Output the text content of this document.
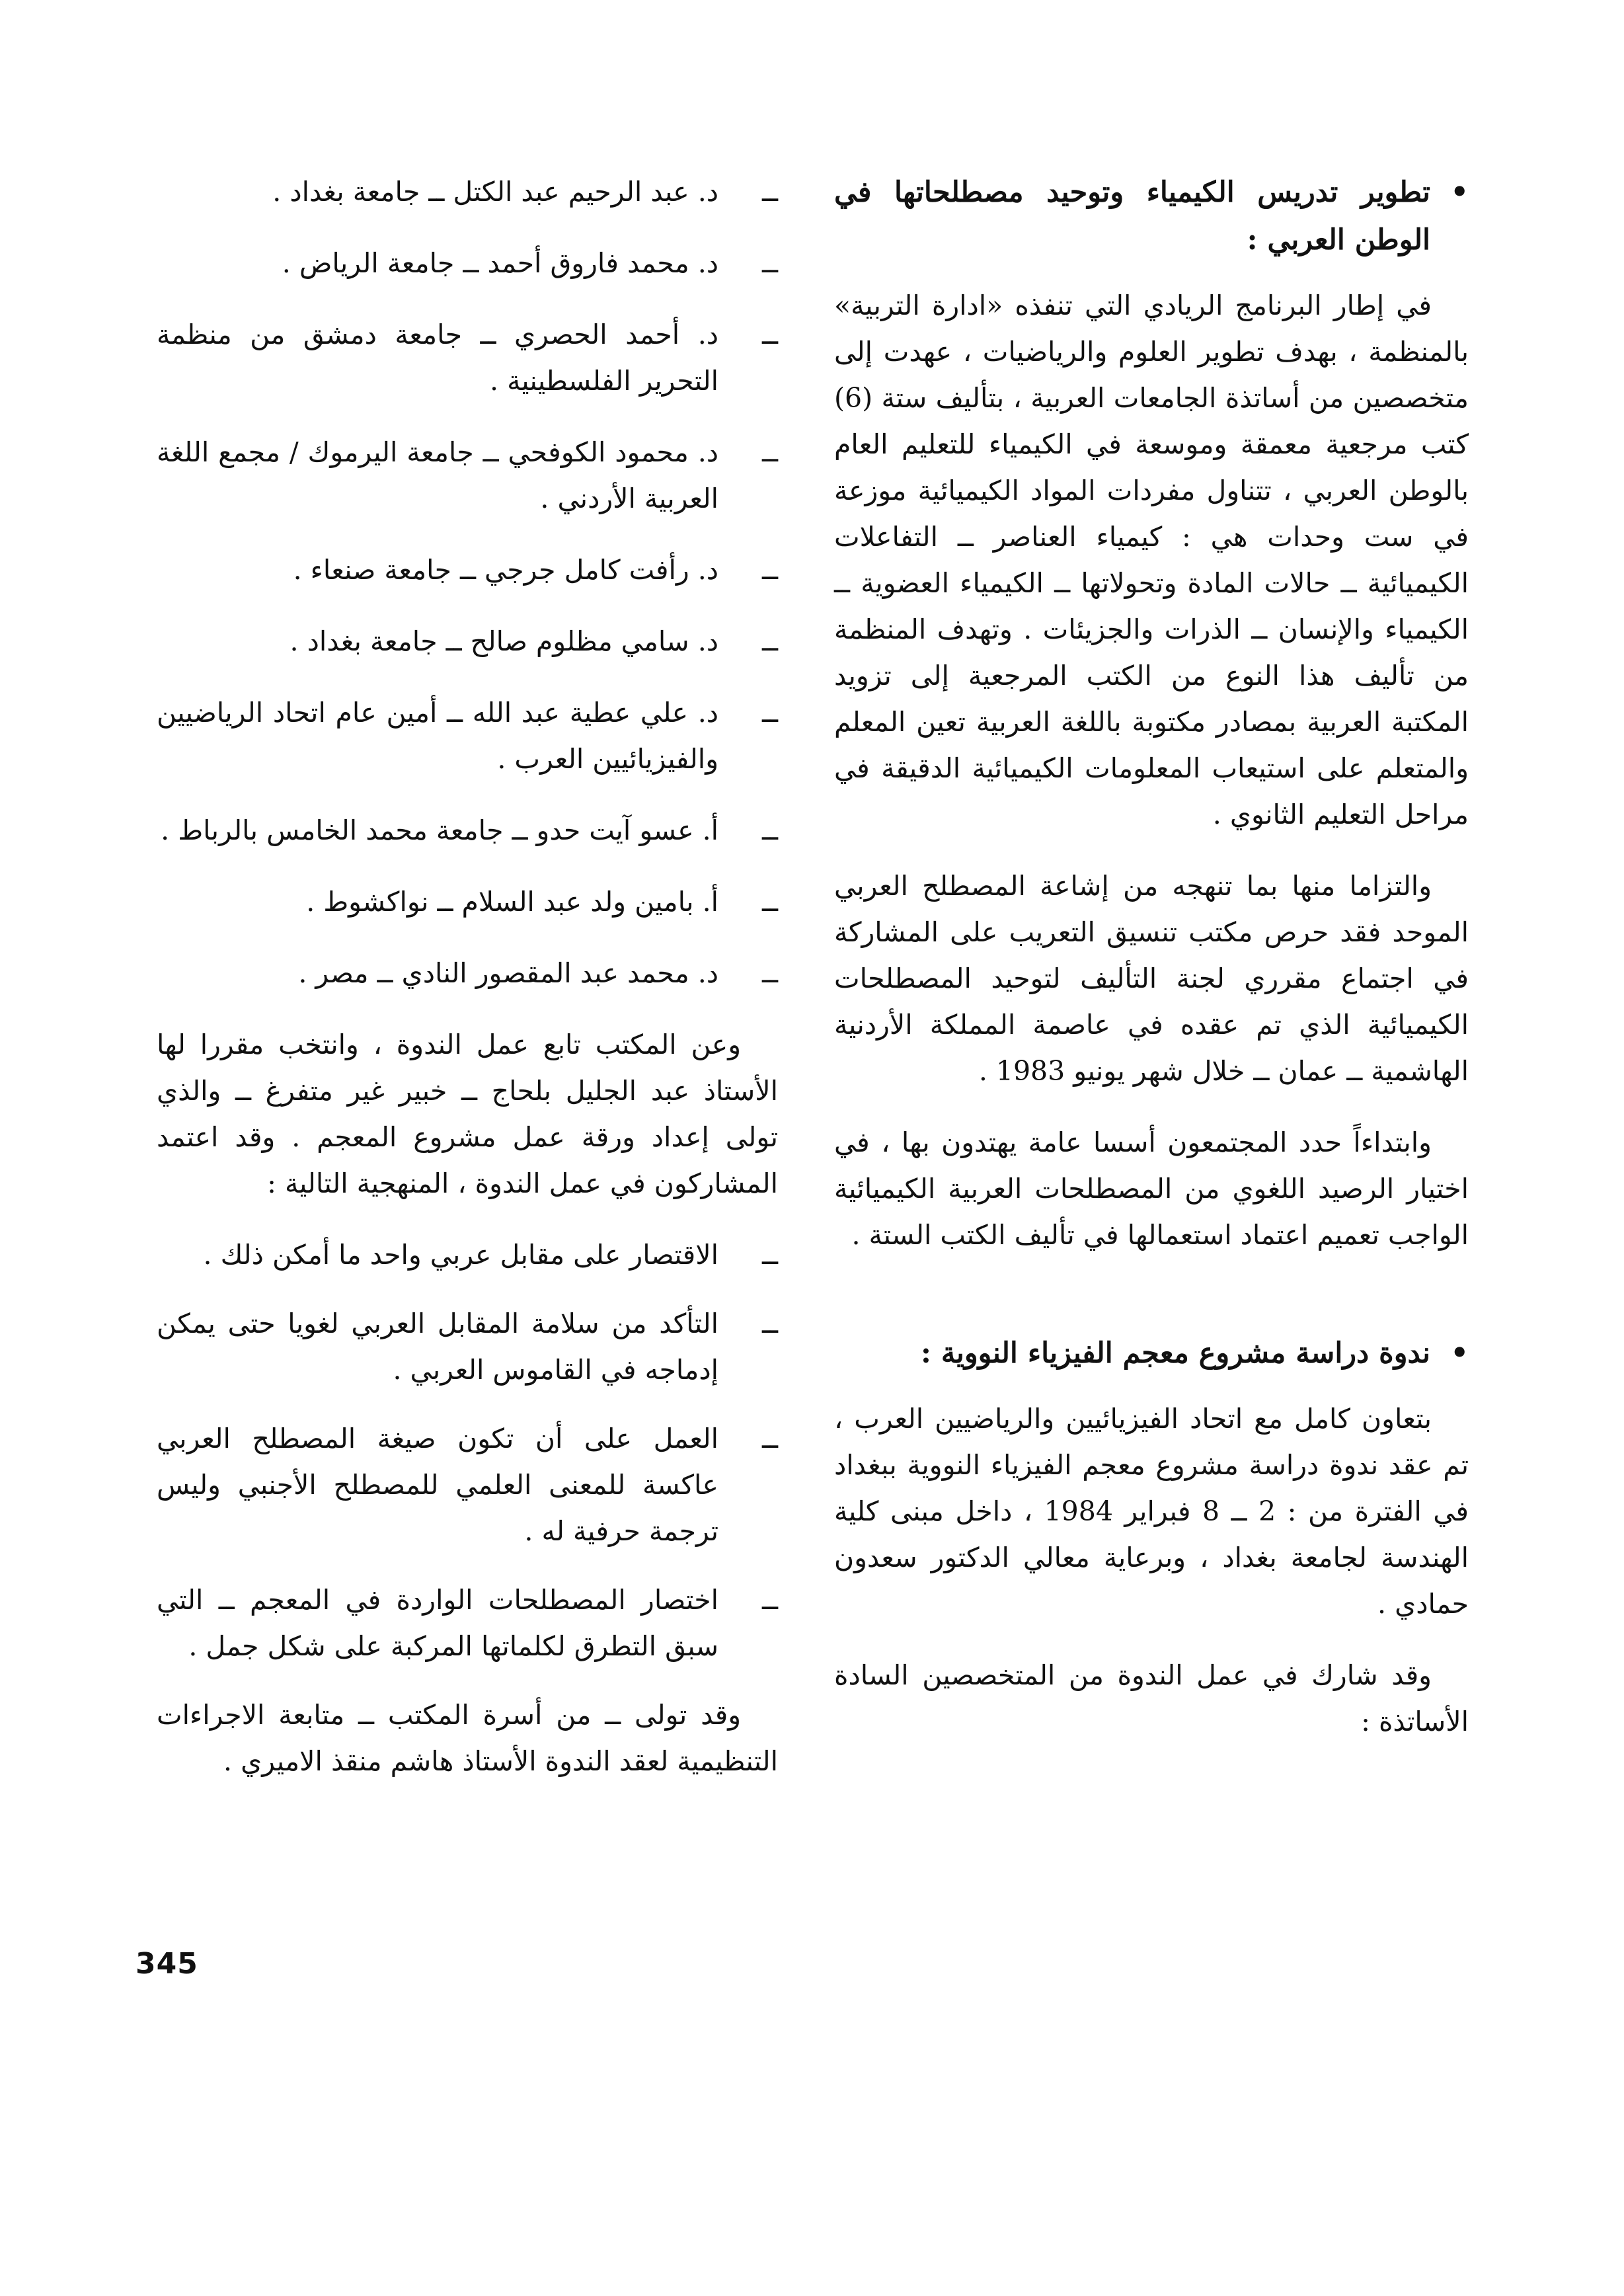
•
تطوير تدريس الكيمياء وتوحيد مصطلحاتها في الوطن العربي :

في إطار البرنامج الريادي التي تنفذه «ادارة التربية» بالمنظمة ، بهدف تطوير العلوم والرياضيات ، عهدت إلى متخصصين من أساتذة الجامعات العربية ، بتأليف ستة (6) كتب مرجعية معمقة وموسعة في الكيمياء للتعليم العام بالوطن العربي ، تتناول مفردات المواد الكيميائية موزعة في ست وحدات هي : كيمياء العناصر ــ التفاعلات الكيميائية ــ حالات المادة وتحولاتها ــ الكيمياء العضوية ــ الكيمياء والإنسان ــ الذرات والجزيئات . وتهدف المنظمة من تأليف هذا النوع من الكتب المرجعية إلى تزويد المكتبة العربية بمصادر مكتوبة باللغة العربية تعين المعلم والمتعلم على استيعاب المعلومات الكيميائية الدقيقة في مراحل التعليم الثانوي .

والتزاما منها بما تنهجه من إشاعة المصطلح العربي الموحد فقد حرص مكتب تنسيق التعريب على المشاركة في اجتماع مقرري لجنة التأليف لتوحيد المصطلحات الكيميائية الذي تم عقده في عاصمة المملكة الأردنية الهاشمية ــ عمان ــ خلال شهر يونيو 1983 .

وابتداءاً حدد المجتمعون أسسا عامة يهتدون بها ، في اختيار الرصيد اللغوي من المصطلحات العربية الكيميائية الواجب تعميم اعتماد استعمالها في تأليف الكتب الستة .

•
ندوة دراسة مشروع معجم الفيزياء النووية :

بتعاون كامل مع اتحاد الفيزيائيين والرياضيين العرب ، تم عقد ندوة دراسة مشروع معجم الفيزياء النووية ببغداد في الفترة من : 2 ــ 8 فبراير 1984 ، داخل مبنى كلية الهندسة لجامعة بغداد ، وبرعاية معالي الدكتور سعدون حمادي .

وقد شارك في عمل الندوة من المتخصصين السادة الأساتذة :

ــ
د. عبد الرحيم عبد الكتل ــ جامعة بغداد .
ــ
د. محمد فاروق أحمد ــ جامعة الرياض .
ــ
د. أحمد الحصري ــ جامعة دمشق من منظمة التحرير الفلسطينية .
ــ
د. محمود الكوفحي ــ جامعة اليرموك / مجمع اللغة العربية الأردني .
ــ
د. رأفت كامل جرجي ــ جامعة صنعاء .
ــ
د. سامي مظلوم صالح ــ جامعة بغداد .
ــ
د. علي عطية عبد الله ــ أمين عام اتحاد الرياضيين والفيزيائيين العرب .
ــ
أ. عسو آيت حدو ــ جامعة محمد الخامس بالرباط .
ــ
أ. بامين ولد عبد السلام ــ نواكشوط .
ــ
د. محمد عبد المقصور النادي ــ مصر .

وعن المكتب تابع عمل الندوة ، وانتخب مقررا لها الأستاذ عبد الجليل بلحاج ــ خبير غير متفرغ ــ والذي تولى إعداد ورقة عمل مشروع المعجم . وقد اعتمد المشاركون في عمل الندوة ، المنهجية التالية :

ــ
الاقتصار على مقابل عربي واحد ما أمكن ذلك .
ــ
التأكد من سلامة المقابل العربي لغويا حتى يمكن إدماجه في القاموس العربي .
ــ
العمل على أن تكون صيغة المصطلح العربي عاكسة للمعنى العلمي للمصطلح الأجنبي وليس ترجمة حرفية له .
ــ
اختصار المصطلحات الواردة في المعجم ــ التي سبق التطرق لكلماتها المركبة على شكل جمل .

وقد تولى ــ من أسرة المكتب ــ متابعة الاجراءات التنظيمية لعقد الندوة الأستاذ هاشم منقذ الاميري .

345
